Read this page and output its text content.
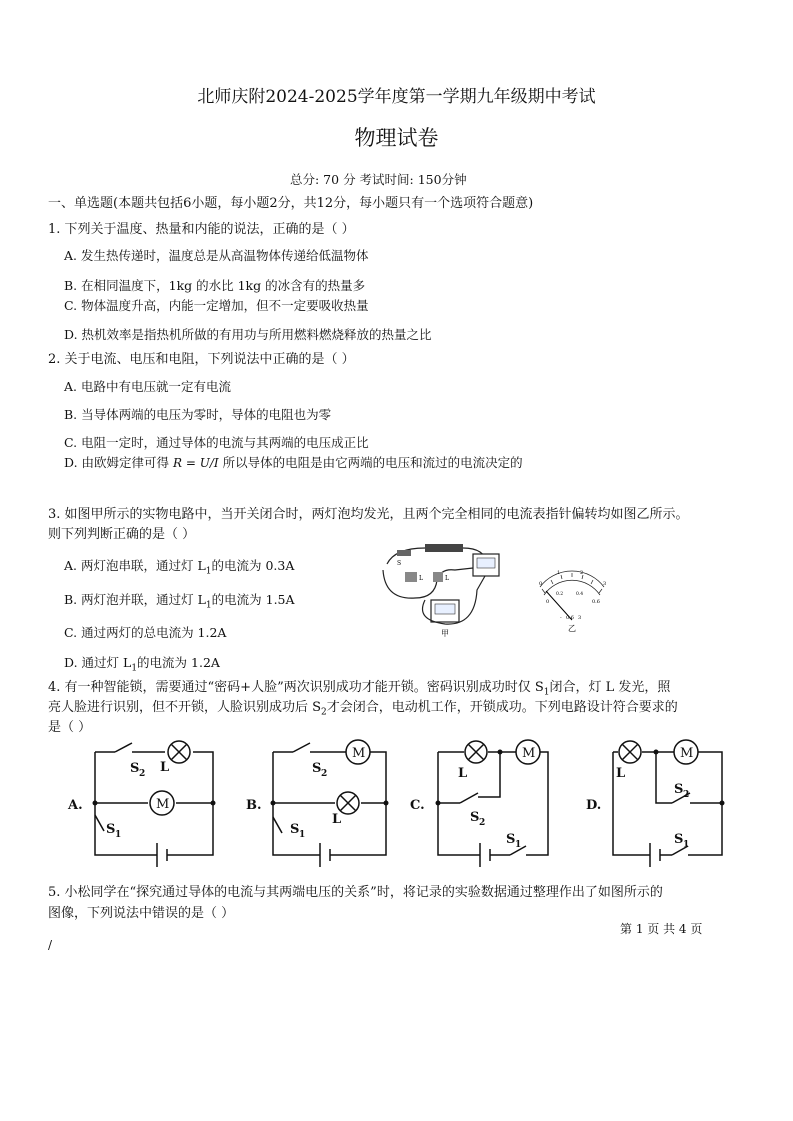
北师庆附2024-2025学年度第一学期九年级期中考试
物理试卷
总分: 70 分 考试时间: 150分钟
一、单选题(本题共包括6小题，每小题2分，共12分，每小题只有一个选项符合题意)
1. 下列关于温度、热量和内能的说法，正确的是（ ）
A. 发生热传递时，温度总是从高温物体传递给低温物体
B. 在相同温度下，1kg 的水比 1kg 的冰含有的热量多
C. 物体温度升高，内能一定增加，但不一定要吸收热量
D. 热机效率是指热机所做的有用功与所用燃料燃烧释放的热量之比
2. 关于电流、电压和电阻，下列说法中正确的是（ ）
A. 电路中有电压就一定有电流
B. 当导体两端的电压为零时，导体的电阻也为零
C. 电阻一定时，通过导体的电流与其两端的电压成正比
D. 由欧姆定律可得 R = U/I 所以导体的电阻是由它两端的电压和流过的电流决定的
3. 如图甲所示的实物电路中，当开关闭合时，两灯泡均发光，且两个完全相同的电流表指针偏转均如图乙所示。
则下列判断正确的是（ ）
A. 两灯泡串联，通过灯 $L_1$的电流为 0.3A
B. 两灯泡并联，通过灯 $L_1$的电流为 1.5A
C. 通过两灯的总电流为 1.2A
D. 通过灯 $L_1$的电流为 1.2A
S
L	L
甲
0
1	2
3
0
0.2	0.4
0.6
- 0.6 3
乙
4. 有一种智能锁，需要通过“密码+人脸”两次识别成功才能开锁。密码识别成功时仅 $S_1$闭合，灯 L 发光，照
亮人脸进行识别，但不开锁，人脸识别成功后 $S_2$才会闭合，电动机工作，开锁成功。下列电路设计符合要求的
是（ ）
A.	M
S 2 L
S 1
B.
M
S 2
L
S 1
C.
M
L
S 2
S 1
D.
M
L
S 2
S 1
5. 小松同学在“探究通过导体的电流与其两端电压的关系”时，将记录的实验数据通过整理作出了如图所示的
图像，下列说法中错误的是（ ）
第 1 页 共 4 页
/
